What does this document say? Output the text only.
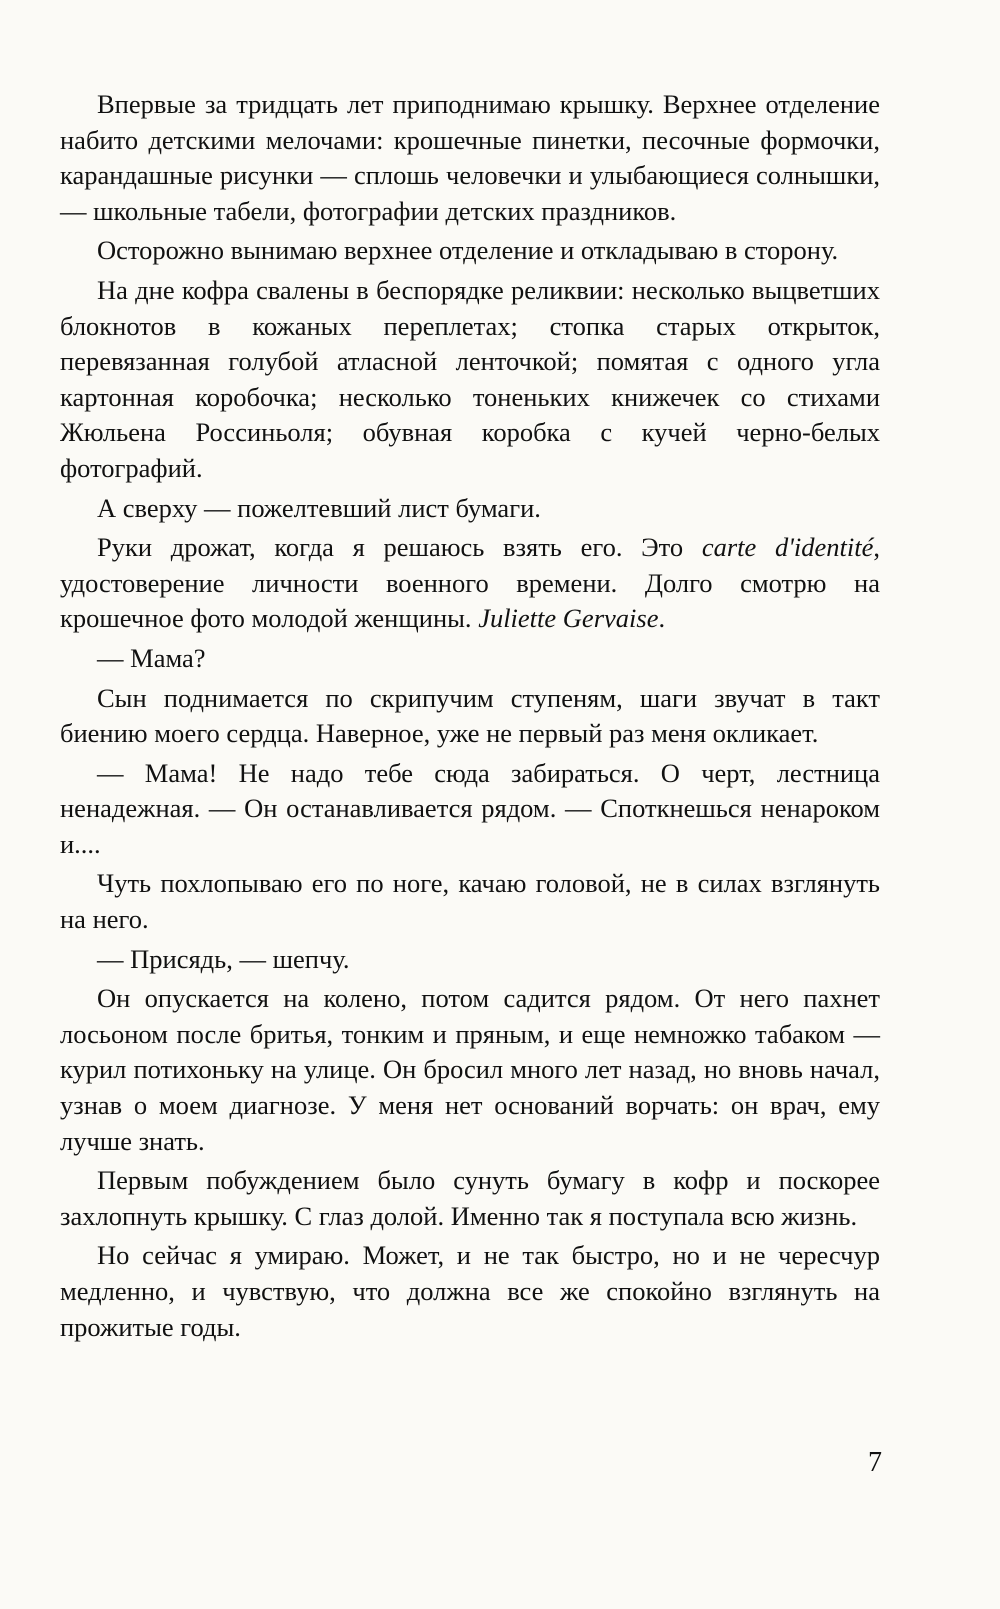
Впервые за тридцать лет приподнимаю крышку. Верхнее отделение набито детскими мелочами: крошечные пинетки, песочные формочки, карандашные рисунки — сплошь человечки и улыбающиеся солнышки, — школьные табели, фотографии детских праздников.

Осторожно вынимаю верхнее отделение и откладываю в сторону.

На дне кофра свалены в беспорядке реликвии: несколько выцветших блокнотов в кожаных переплетах; стопка старых открыток, перевязанная голубой атласной ленточкой; помятая с одного угла картонная коробочка; несколько тоненьких книжечек со стихами Жюльена Россиньоля; обувная коробка с кучей черно-белых фотографий.

А сверху — пожелтевший лист бумаги.

Руки дрожат, когда я решаюсь взять его. Это carte d'identité, удостоверение личности военного времени. Долго смотрю на крошечное фото молодой женщины. Juliette Gervaise.

— Мама?

Сын поднимается по скрипучим ступеням, шаги звучат в такт биению моего сердца. Наверное, уже не первый раз меня окликает.

— Мама! Не надо тебе сюда забираться. О черт, лестница ненадежная. — Он останавливается рядом. — Споткнешься ненароком и....

Чуть похлопываю его по ноге, качаю головой, не в силах взглянуть на него.

— Присядь, — шепчу.

Он опускается на колено, потом садится рядом. От него пахнет лосьоном после бритья, тонким и пряным, и еще немножко табаком — курил потихоньку на улице. Он бросил много лет назад, но вновь начал, узнав о моем диагнозе. У меня нет оснований ворчать: он врач, ему лучше знать.

Первым побуждением было сунуть бумагу в кофр и поскорее захлопнуть крышку. С глаз долой. Именно так я поступала всю жизнь.

Но сейчас я умираю. Может, и не так быстро, но и не чересчур медленно, и чувствую, что должна все же спокойно взглянуть на прожитые годы.

7
